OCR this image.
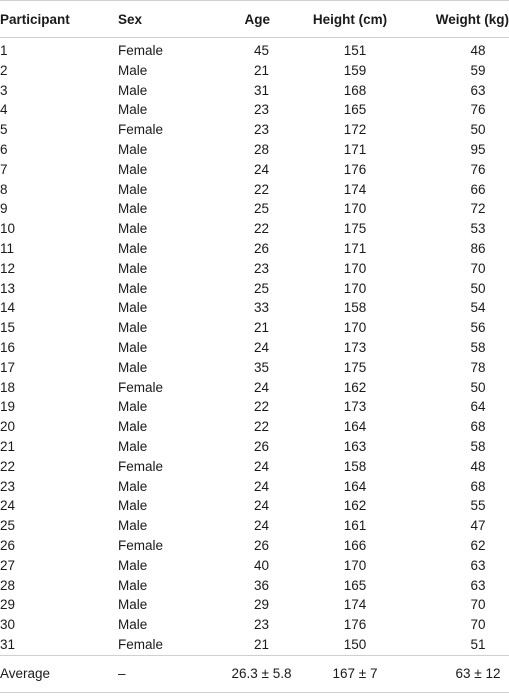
Participant	Sex	Age	Height (cm)	Weight (kg)
1	Female	45	151	48
2	Male	21	159	59
3	Male	31	168	63
4	Male	23	165	76
5	Female	23	172	50
6	Male	28	171	95
7	Male	24	176	76
8	Male	22	174	66
9	Male	25	170	72
10	Male	22	175	53
11	Male	26	171	86
12	Male	23	170	70
13	Male	25	170	50
14	Male	33	158	54
15	Male	21	170	56
16	Male	24	173	58
17	Male	35	175	78
18	Female	24	162	50
19	Male	22	173	64
20	Male	22	164	68
21	Male	26	163	58
22	Female	24	158	48
23	Male	24	164	68
24	Male	24	162	55
25	Male	24	161	47
26	Female	26	166	62
27	Male	40	170	63
28	Male	36	165	63
29	Male	29	174	70
30	Male	23	176	70
31	Female	21	150	51
Average	–	26.3 ± 5.8	167 ± 7	63 ± 12
